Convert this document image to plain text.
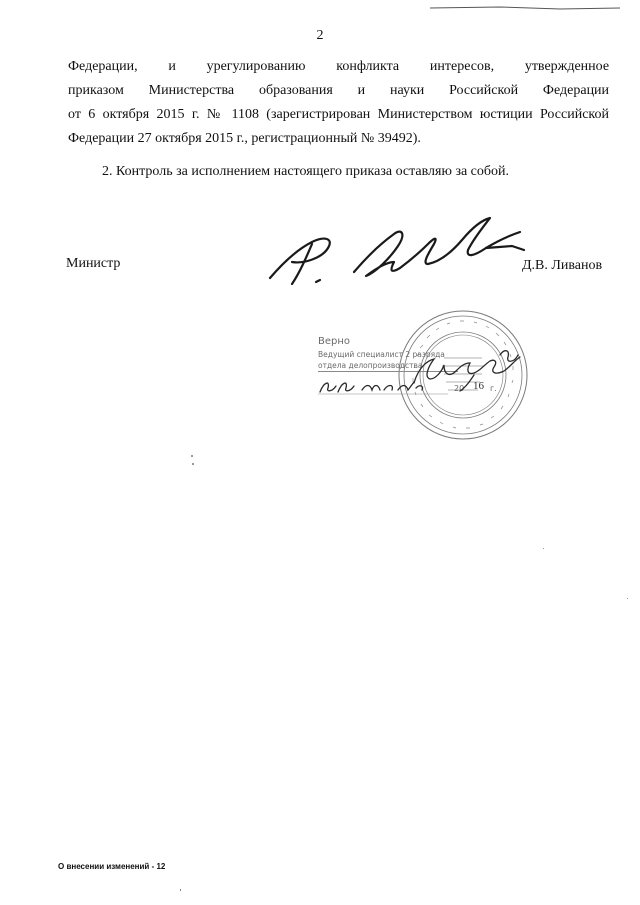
2
Федерации, и урегулированию конфликта интересов, утвержденное
приказом Министерства образования и науки Российской Федерации
от 6 октября 2015 г. № 1108 (зарегистрирован Министерством юстиции Российской
Федерации 27 октября 2015 г., регистрационный № 39492).
2. Контроль за исполнением настоящего приказа оставляю за собой.
Министр	Д.В. Ливанов
Верно
Ведущий специалист 2 разряда
отдела делопроизводства
20 16 г.
О внесении изменений - 12
